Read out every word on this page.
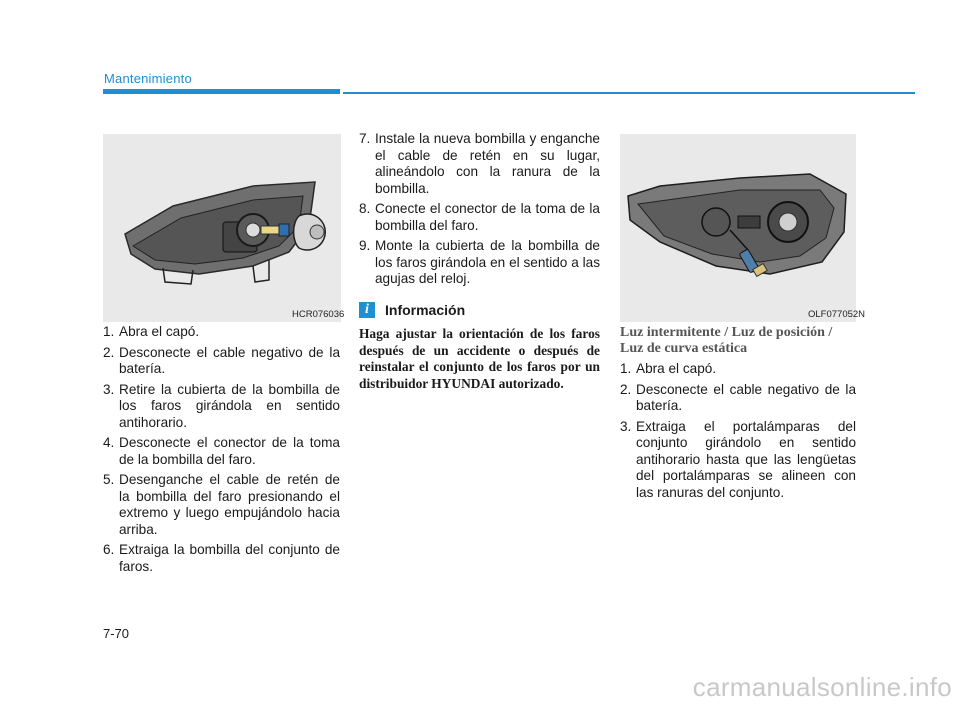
Mantenimiento
HCR076036
1. Abra el capó.
2. Desconecte el cable negativo de la batería.
3. Retire la cubierta de la bombilla de los faros girándola en sentido antihorario.
4. Desconecte el conector de la toma de la bombilla del faro.
5. Desenganche el cable de retén de la bombilla del faro presionando el extremo y luego empujándolo hacia arriba.
6. Extraiga la bombilla del conjunto de faros.
7. Instale la nueva bombilla y enganche el cable de retén en su lugar, alineándolo con la ranura de la bombilla.
8. Conecte el conector de la toma de la bombilla del faro.
9. Monte la cubierta de la bombilla de los faros girándola en el sentido a las agujas del reloj.
i	Información
Haga ajustar la orientación de los faros después de un accidente o después de reinstalar el conjunto de los faros por un distribuidor HYUNDAI autorizado.
OLF077052N
Luz intermitente / Luz de posición / Luz de curva estática
1. Abra el capó.
2. Desconecte el cable negativo de la batería.
3. Extraiga el portalámparas del conjunto girándolo en sentido antihorario hasta que las lengüetas del portalámparas se alineen con las ranuras del conjunto.
7-70
carmanualsonline.info
